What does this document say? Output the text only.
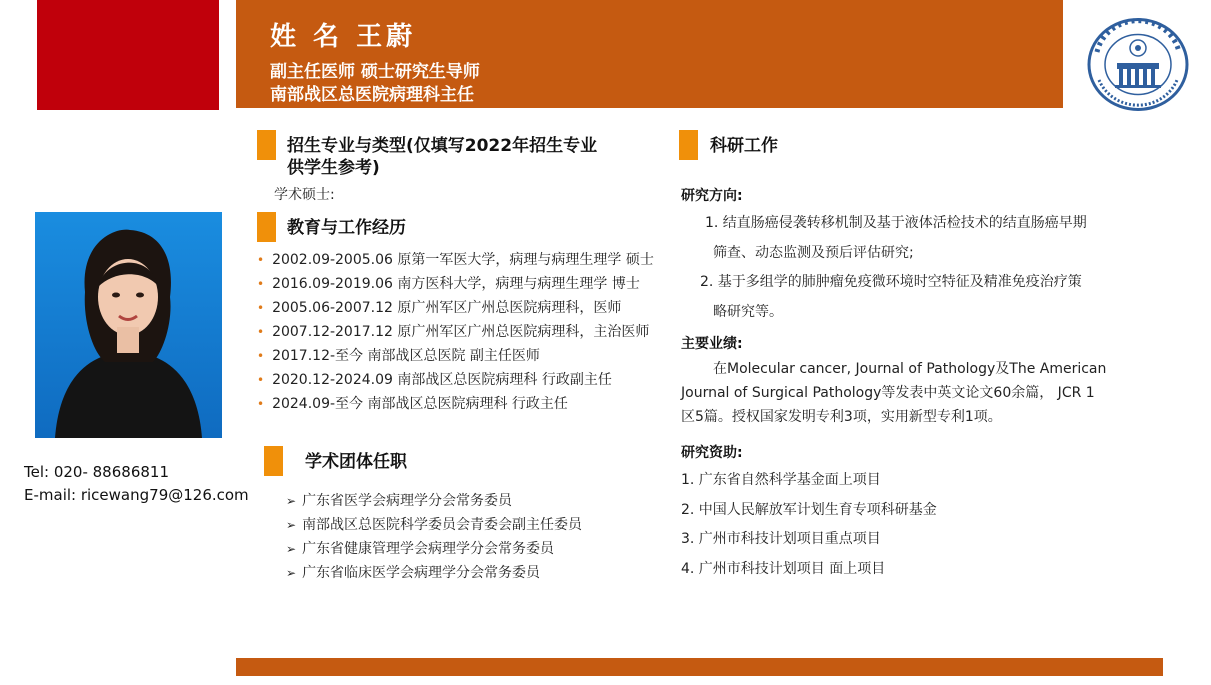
姓 名 王蔚
副主任医师 硕士研究生导师
南部战区总医院病理科主任
Tel: 020- 88686811
E-mail: ricewang79@126.com
招生专业与类型(仅填写2022年招生专业
供学生参考)
学术硕士:
教育与工作经历
• 2002.09-2005.06 原第一军医大学，病理与病理生理学 硕士
• 2016.09-2019.06 南方医科大学，病理与病理生理学 博士
• 2005.06-2007.12 原广州军区广州总医院病理科，医师
• 2007.12-2017.12 原广州军区广州总医院病理科，主治医师
• 2017.12-至今 南部战区总医院 副主任医师
• 2020.12-2024.09 南部战区总医院病理科 行政副主任
• 2024.09-至今 南部战区总医院病理科 行政主任
学术团体任职
➢ 广东省医学会病理学分会常务委员
➢ 南部战区总医院科学委员会青委会副主任委员
➢ 广东省健康管理学会病理学分会常务委员
➢ 广东省临床医学会病理学分会常务委员
科研工作
研究方向:
1. 结直肠癌侵袭转移机制及基于液体活检技术的结直肠癌早期
筛查、动态监测及预后评估研究;
2. 基于多组学的肺肿瘤免疫微环境时空特征及精准免疫治疗策
略研究等。
主要业绩:
在Molecular cancer, Journal of Pathology及The American
Journal of Surgical Pathology等发表中英文论文60余篇， JCR 1
区5篇。授权国家发明专利3项，实用新型专利1项。
研究资助:
1. 广东省自然科学基金面上项目
2. 中国人民解放军计划生育专项科研基金
3. 广州市科技计划项目重点项目
4. 广州市科技计划项目 面上项目
